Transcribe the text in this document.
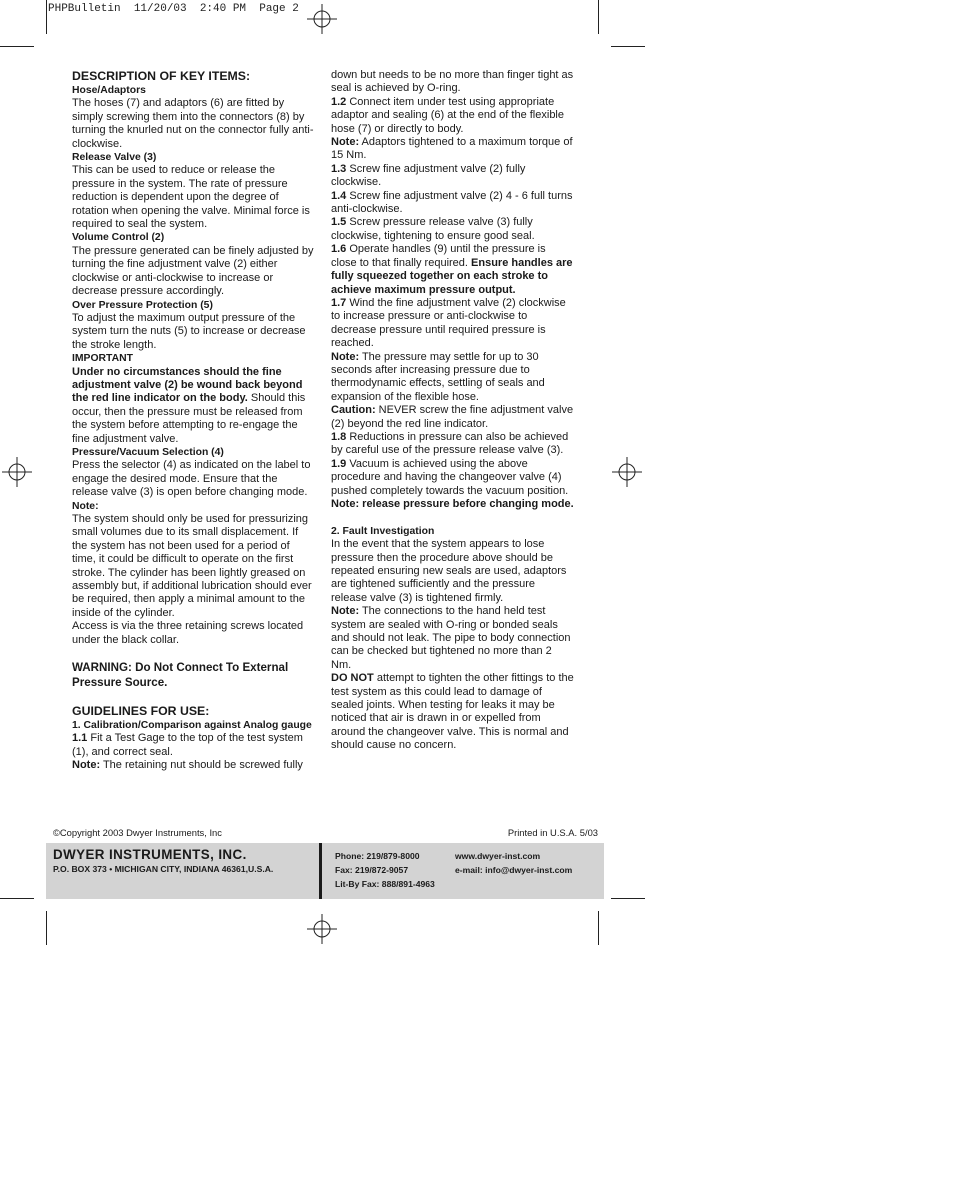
PHPBulletin  11/20/03  2:40 PM  Page 2

DESCRIPTION OF KEY ITEMS:

Hose/Adaptors

The hoses (7) and adaptors (6) are fitted by simply screwing them into the connectors (8) by turning the knurled nut on the connector fully anti-clockwise.

Release Valve (3)

This can be used to reduce or release the pressure in the system. The rate of pressure reduction is dependent upon the degree of rotation when opening the valve. Minimal force is required to seal the system.

Volume Control (2)

The pressure generated can be finely adjusted by turning the fine adjustment valve (2) either clockwise or anti-clockwise to increase or decrease pressure accordingly.

Over Pressure Protection (5)

To adjust the maximum output pressure of the system turn the nuts (5) to increase or decrease the stroke length.

IMPORTANT

Under no circumstances should the fine adjustment valve (2) be wound back beyond the red line indicator on the body. Should this occur, then the pressure must be released from the system before attempting to re-engage the fine adjustment valve.

Pressure/Vacuum Selection (4)

Press the selector (4) as indicated on the label to engage the desired mode. Ensure that the release valve (3) is open before changing mode.

Note:

The system should only be used for pressurizing small volumes due to its small displacement. If the system has not been used for a period of time, it could be difficult to operate on the first stroke. The cylinder has been lightly greased on assembly but, if additional lubrication should ever be required, then apply a minimal amount to the inside of the cylinder.

Access is via the three retaining screws located under the black collar.

WARNING: Do Not Connect To External Pressure Source.

GUIDELINES FOR USE:

1. Calibration/Comparison against Analog gauge

1.1 Fit a Test Gage to the top of the test system (1), and correct seal.

Note: The retaining nut should be screwed fully

down but needs to be no more than finger tight as seal is achieved by O-ring.

1.2 Connect item under test using appropriate adaptor and sealing (6) at the end of the flexible hose (7) or directly to body.

Note: Adaptors tightened to a maximum torque of 15 Nm.

1.3 Screw fine adjustment valve (2) fully clockwise.

1.4 Screw fine adjustment valve (2) 4 - 6 full turns anti-clockwise.

1.5 Screw pressure release valve (3) fully clockwise, tightening to ensure good seal.

1.6 Operate handles (9) until the pressure is close to that finally required. Ensure handles are fully squeezed together on each stroke to achieve maximum pressure output.

1.7 Wind the fine adjustment valve (2) clockwise to increase pressure or anti-clockwise to decrease pressure until required pressure is reached.

Note: The pressure may settle for up to 30 seconds after increasing pressure due to thermodynamic effects, settling of seals and expansion of the flexible hose.

Caution: NEVER screw the fine adjustment valve (2) beyond the red line indicator.

1.8 Reductions in pressure can also be achieved by careful use of the pressure release valve (3).

1.9 Vacuum is achieved using the above procedure and having the changeover valve (4) pushed completely towards the vacuum position. Note: release pressure before changing mode.

2. Fault Investigation

In the event that the system appears to lose pressure then the procedure above should be repeated ensuring new seals are used, adaptors are tightened sufficiently and the pressure release valve (3) is tightened firmly.

Note: The connections to the hand held test system are sealed with O-ring or bonded seals and should not leak. The pipe to body connection can be checked but tightened no more than 2 Nm.

DO NOT attempt to tighten the other fittings to the test system as this could lead to damage of sealed joints. When testing for leaks it may be noticed that air is drawn in or expelled from around the changeover valve. This is normal and should cause no concern.

©Copyright 2003 Dwyer Instruments, Inc	Printed in U.S.A. 5/03
DWYER INSTRUMENTS, INC.
P.O. BOX 373 • MICHIGAN CITY, INDIANA 46361,U.S.A.
Phone: 219/879-8000
Fax: 219/872-9057
Lit-By Fax: 888/891-4963
www.dwyer-inst.com
e-mail: info@dwyer-inst.com
